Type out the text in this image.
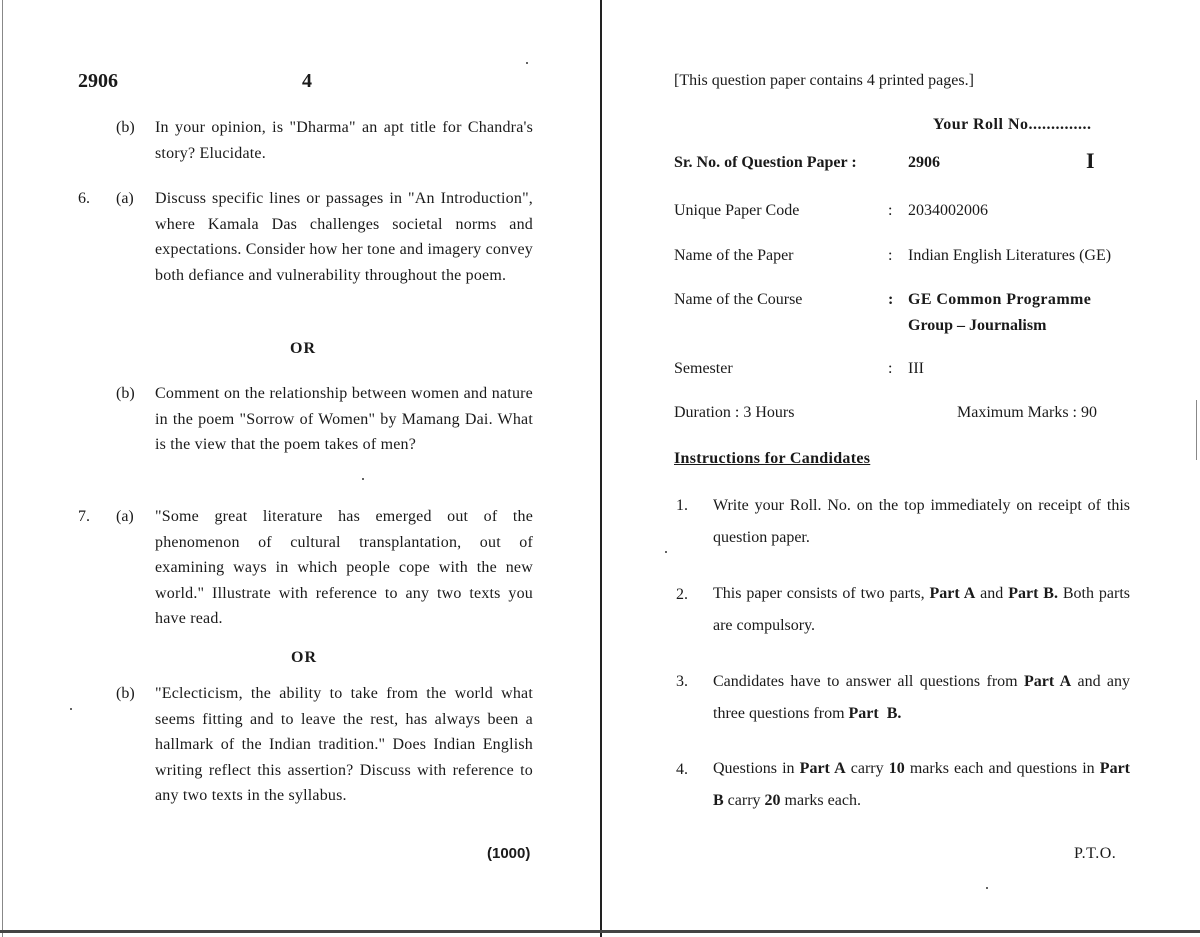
2906	4
(b) In your opinion, is "Dharma" an apt title for Chandra's story? Elucidate.
6. (a) Discuss specific lines or passages in "An Introduction", where Kamala Das challenges societal norms and expectations. Consider how her tone and imagery convey both defiance and vulnerability throughout the poem.
OR
(b) Comment on the relationship between women and nature in the poem "Sorrow of Women" by Mamang Dai. What is the view that the poem takes of men?
7. (a) "Some great literature has emerged out of the phenomenon of cultural transplantation, out of examining ways in which people cope with the new world." Illustrate with reference to any two texts you have read.
OR
(b) "Eclecticism, the ability to take from the world what seems fitting and to leave the rest, has always been a hallmark of the Indian tradition." Does Indian English writing reflect this assertion? Discuss with reference to any two texts in the syllabus.
(1000)
[This question paper contains 4 printed pages.]
Your Roll No..............
Sr. No. of Question Paper :	2906	I
Unique Paper Code	: 2034002006
Name of the Paper	: Indian English Literatures (GE)
Name of the Course	: GE Common Programme
Group – Journalism
Semester	: III
Duration : 3 Hours	Maximum Marks : 90
Instructions for Candidates
1. Write your Roll. No. on the top immediately on receipt of this question paper.
2. This paper consists of two parts, Part A and Part B. Both parts are compulsory.
3. Candidates have to answer all questions from Part A and any three questions from Part  B.
4. Questions in Part A carry 10 marks each and questions in Part B carry 20 marks each.
P.T.O.
